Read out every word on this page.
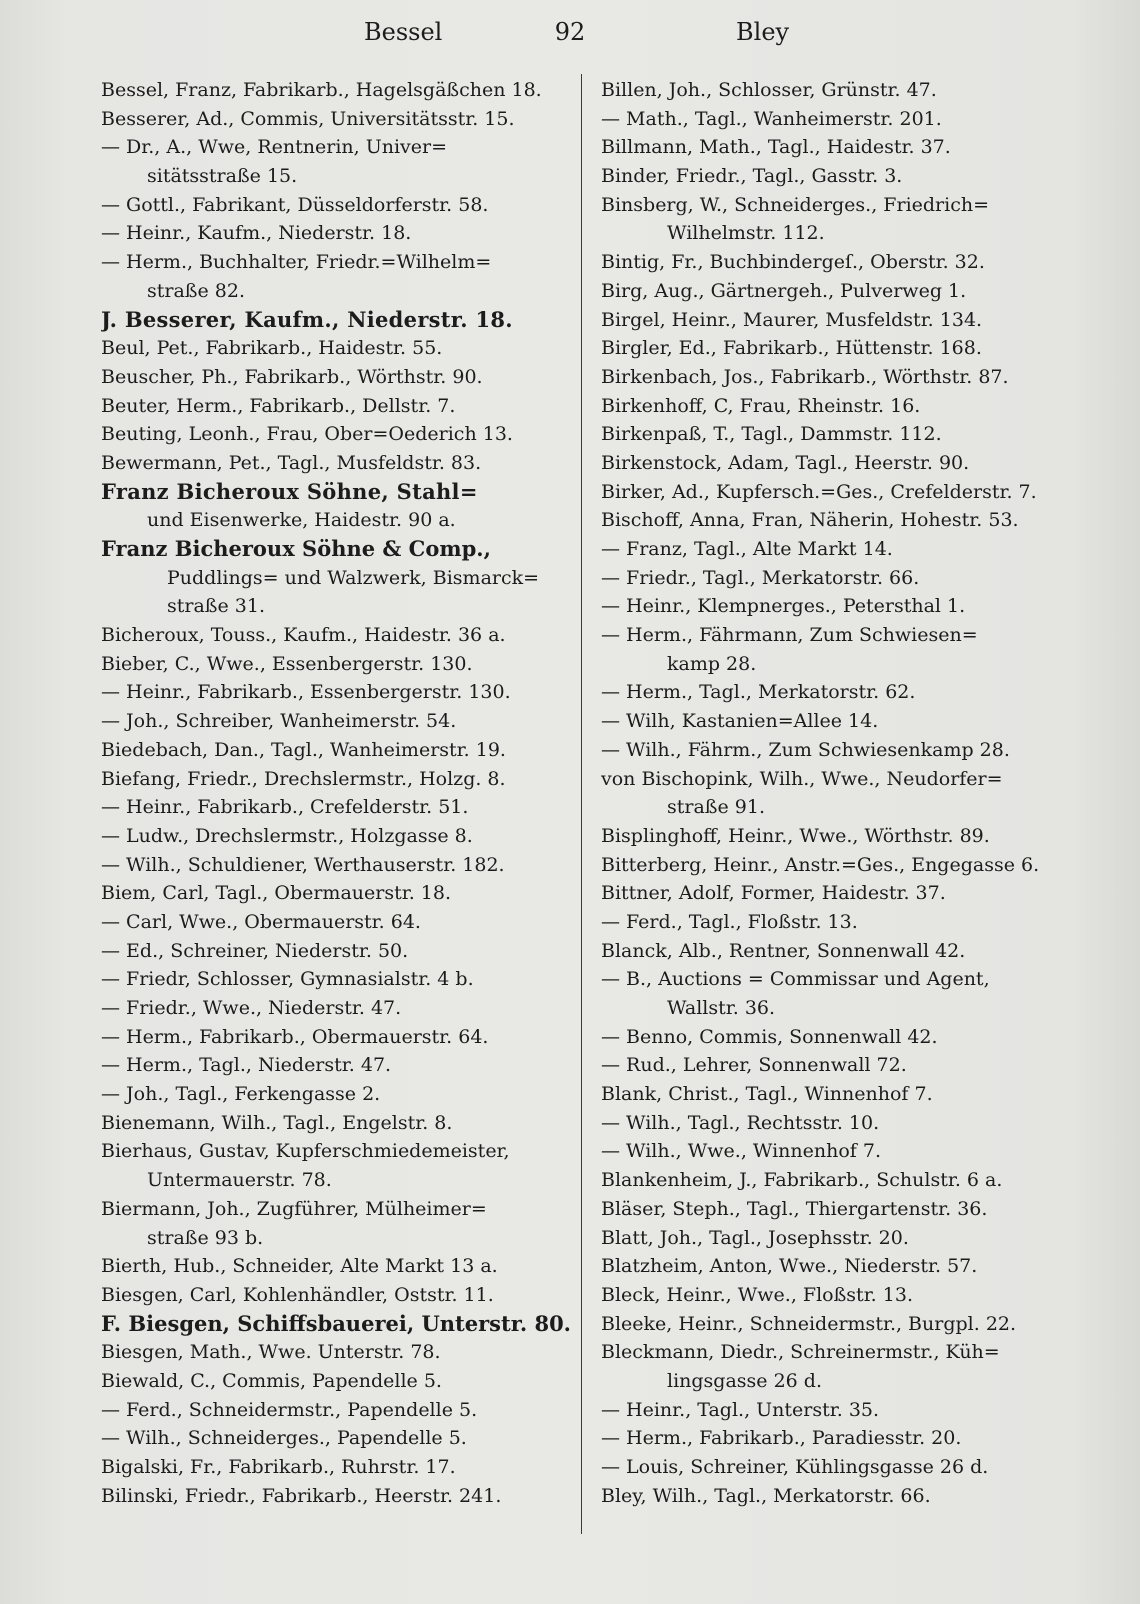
Bessel	92	Bley
Bessel, Franz, Fabrikarb., Hagelsgäßchen 18.
Besserer, Ad., Commis, Universitätsstr. 15.
— Dr., A., Wwe, Rentnerin, Univer=
sitätsstraße 15.
— Gottl., Fabrikant, Düsseldorferstr. 58.
— Heinr., Kaufm., Niederstr. 18.
— Herm., Buchhalter, Friedr.=Wilhelm=
straße 82.
J. Besserer, Kaufm., Niederstr. 18.
Beul, Pet., Fabrikarb., Haidestr. 55.
Beuscher, Ph., Fabrikarb., Wörthstr. 90.
Beuter, Herm., Fabrikarb., Dellstr. 7.
Beuting, Leonh., Frau, Ober=Oederich 13.
Bewermann, Pet., Tagl., Musfeldstr. 83.
Franz Bicheroux Söhne, Stahl=
und Eisenwerke, Haidestr. 90 a.
Franz Bicheroux Söhne & Comp.,
Puddlings= und Walzwerk, Bismarck=
straße 31.
Bicheroux, Touss., Kaufm., Haidestr. 36 a.
Bieber, C., Wwe., Essenbergerstr. 130.
— Heinr., Fabrikarb., Essenbergerstr. 130.
— Joh., Schreiber, Wanheimerstr. 54.
Biedebach, Dan., Tagl., Wanheimerstr. 19.
Biefang, Friedr., Drechslermstr., Holzg. 8.
— Heinr., Fabrikarb., Crefelderstr. 51.
— Ludw., Drechslermstr., Holzgasse 8.
— Wilh., Schuldiener, Werthauserstr. 182.
Biem, Carl, Tagl., Obermauerstr. 18.
— Carl, Wwe., Obermauerstr. 64.
— Ed., Schreiner, Niederstr. 50.
— Friedr, Schlosser, Gymnasialstr. 4 b.
— Friedr., Wwe., Niederstr. 47.
— Herm., Fabrikarb., Obermauerstr. 64.
— Herm., Tagl., Niederstr. 47.
— Joh., Tagl., Ferkengasse 2.
Bienemann, Wilh., Tagl., Engelstr. 8.
Bierhaus, Gustav, Kupferschmiedemeister,
Untermauerstr. 78.
Biermann, Joh., Zugführer, Mülheimer=
straße 93 b.
Bierth, Hub., Schneider, Alte Markt 13 a.
Biesgen, Carl, Kohlenhändler, Oststr. 11.
F. Biesgen, Schiffsbauerei, Unterstr. 80.
Biesgen, Math., Wwe. Unterstr. 78.
Biewald, C., Commis, Papendelle 5.
— Ferd., Schneidermstr., Papendelle 5.
— Wilh., Schneiderges., Papendelle 5.
Bigalski, Fr., Fabrikarb., Ruhrstr. 17.
Bilinski, Friedr., Fabrikarb., Heerstr. 241.
Billen, Joh., Schlosser, Grünstr. 47.
— Math., Tagl., Wanheimerstr. 201.
Billmann, Math., Tagl., Haidestr. 37.
Binder, Friedr., Tagl., Gasstr. 3.
Binsberg, W., Schneiderges., Friedrich=
Wilhelmstr. 112.
Bintig, Fr., Buchbindergeſ., Oberstr. 32.
Birg, Aug., Gärtnergeh., Pulverweg 1.
Birgel, Heinr., Maurer, Musfeldstr. 134.
Birgler, Ed., Fabrikarb., Hüttenstr. 168.
Birkenbach, Jos., Fabrikarb., Wörthstr. 87.
Birkenhoff, C, Frau, Rheinstr. 16.
Birkenpaß, T., Tagl., Dammstr. 112.
Birkenstock, Adam, Tagl., Heerstr. 90.
Birker, Ad., Kupfersch.=Ges., Crefelderstr. 7.
Bischoff, Anna, Fran, Näherin, Hohestr. 53.
— Franz, Tagl., Alte Markt 14.
— Friedr., Tagl., Merkatorstr. 66.
— Heinr., Klempnerges., Petersthal 1.
— Herm., Fährmann, Zum Schwiesen=
kamp 28.
— Herm., Tagl., Merkatorstr. 62.
— Wilh, Kastanien=Allee 14.
— Wilh., Fährm., Zum Schwiesenkamp 28.
von Bischopink, Wilh., Wwe., Neudorfer=
straße 91.
Bisplinghoff, Heinr., Wwe., Wörthstr. 89.
Bitterberg, Heinr., Anstr.=Ges., Engegasse 6.
Bittner, Adolf, Former, Haidestr. 37.
— Ferd., Tagl., Floßstr. 13.
Blanck, Alb., Rentner, Sonnenwall 42.
— B., Auctions = Commissar und Agent,
Wallstr. 36.
— Benno, Commis, Sonnenwall 42.
— Rud., Lehrer, Sonnenwall 72.
Blank, Christ., Tagl., Winnenhof 7.
— Wilh., Tagl., Rechtsstr. 10.
— Wilh., Wwe., Winnenhof 7.
Blankenheim, J., Fabrikarb., Schulstr. 6 a.
Bläser, Steph., Tagl., Thiergartenstr. 36.
Blatt, Joh., Tagl., Josephsstr. 20.
Blatzheim, Anton, Wwe., Niederstr. 57.
Bleck, Heinr., Wwe., Floßstr. 13.
Bleeke, Heinr., Schneidermstr., Burgpl. 22.
Bleckmann, Diedr., Schreinermstr., Küh=
lingsgasse 26 d.
— Heinr., Tagl., Unterstr. 35.
— Herm., Fabrikarb., Paradiesstr. 20.
— Louis, Schreiner, Kühlingsgasse 26 d.
Bley, Wilh., Tagl., Merkatorstr. 66.
